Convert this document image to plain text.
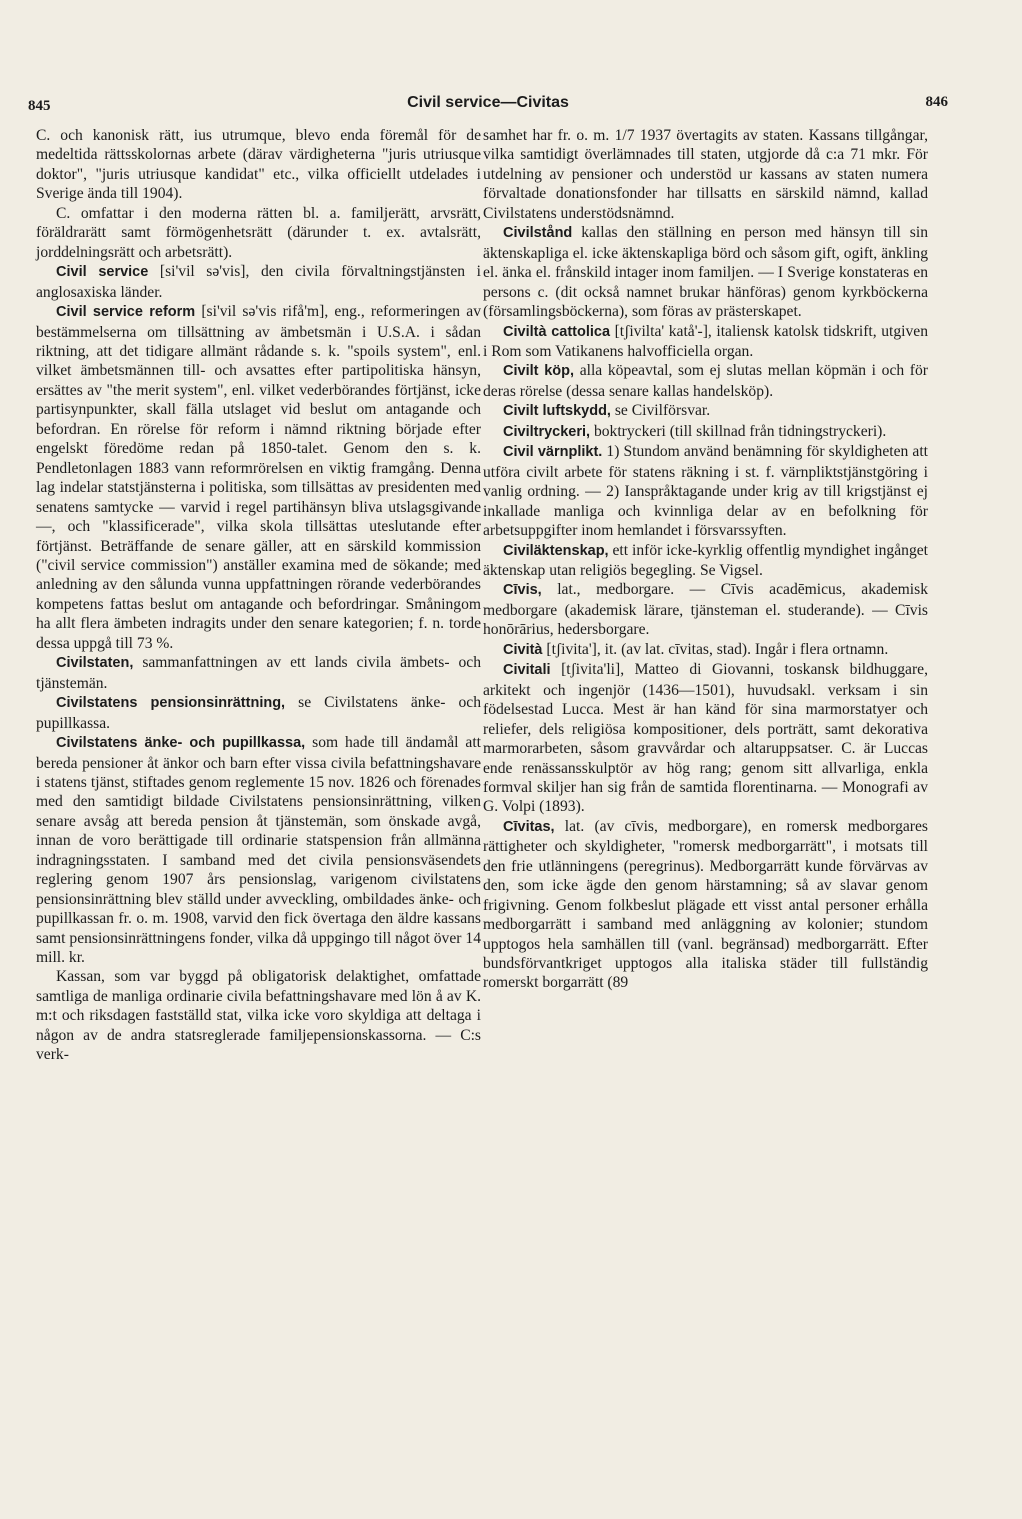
845	Civil service—Civitas	846

C. och kanonisk rätt, ius utrumque, blevo enda föremål för de medeltida rättsskolornas arbete (därav värdigheterna "juris utriusque doktor", "juris utriusque kandidat" etc., vilka officiellt utdelades i Sverige ända till 1904).

C. omfattar i den moderna rätten bl. a. familjerätt, arvsrätt, föräldrarätt samt förmögenhetsrätt (därunder t. ex. avtalsrätt, jorddelningsrätt och arbetsrätt).

Civil service [si'vil sə'vis], den civila förvaltningstjänsten i anglosaxiska länder.

Civil service reform [si'vil sə'vis rifå'm], eng., reformeringen av bestämmelserna om tillsättning av ämbetsmän i U.S.A. i sådan riktning, att det tidigare allmänt rådande s. k. "spoils system", enl. vilket ämbetsmännen till- och avsattes efter partipolitiska hänsyn, ersättes av "the merit system", enl. vilket vederbörandes förtjänst, icke partisynpunkter, skall fälla utslaget vid beslut om antagande och befordran. En rörelse för reform i nämnd riktning började efter engelskt föredöme redan på 1850-talet. Genom den s. k. Pendletonlagen 1883 vann reformrörelsen en viktig framgång. Denna lag indelar statstjänsterna i politiska, som tillsättas av presidenten med senatens samtycke — varvid i regel partihänsyn bliva utslagsgivande —, och "klassificerade", vilka skola tillsättas uteslutande efter förtjänst. Beträffande de senare gäller, att en särskild kommission ("civil service commission") anställer examina med de sökande; med anledning av den sålunda vunna uppfattningen rörande vederbörandes kompetens fattas beslut om antagande och befordringar. Småningom ha allt flera ämbeten indragits under den senare kategorien; f. n. torde dessa uppgå till 73 %.

Civilstaten, sammanfattningen av ett lands civila ämbets- och tjänstemän.

Civilstatens pensionsinrättning, se Civilstatens änke- och pupillkassa.

Civilstatens änke- och pupillkassa, som hade till ändamål att bereda pensioner åt änkor och barn efter vissa civila befattningshavare i statens tjänst, stiftades genom reglemente 15 nov. 1826 och förenades med den samtidigt bildade Civilstatens pensionsinrättning, vilken senare avsåg att bereda pension åt tjänstemän, som önskade avgå, innan de voro berättigade till ordinarie statspension från allmänna indragningsstaten. I samband med det civila pensionsväsendets reglering genom 1907 års pensionslag, varigenom civilstatens pensionsinrättning blev ställd under avveckling, ombildades änke- och pupillkassan fr. o. m. 1908, varvid den fick övertaga den äldre kassans samt pensionsinrättningens fonder, vilka då uppgingo till något över 14 mill. kr.

Kassan, som var byggd på obligatorisk delaktighet, omfattade samtliga de manliga ordinarie civila befattningshavare med lön å av K. m:t och riksdagen fastställd stat, vilka icke voro skyldiga att deltaga i någon av de andra statsreglerade familjepensionskassorna. — C:s verk-

samhet har fr. o. m. 1/7 1937 övertagits av staten. Kassans tillgångar, vilka samtidigt överlämnades till staten, utgjorde då c:a 71 mkr. För utdelning av pensioner och understöd ur kassans av staten numera förvaltade donationsfonder har tillsatts en särskild nämnd, kallad Civilstatens understödsnämnd.

Civilstånd kallas den ställning en person med hänsyn till sin äktenskapliga el. icke äktenskapliga börd och såsom gift, ogift, änkling el. änka el. frånskild intager inom familjen. — I Sverige konstateras en persons c. (dit också namnet brukar hänföras) genom kyrkböckerna (församlingsböckerna), som föras av prästerskapet.

Civiltà cattolica [tʃivilta' katå'-], italiensk katolsk tidskrift, utgiven i Rom som Vatikanens halvofficiella organ.

Civilt köp, alla köpeavtal, som ej slutas mellan köpmän i och för deras rörelse (dessa senare kallas handelsköp).

Civilt luftskydd, se Civilförsvar.

Civiltryckeri, boktryckeri (till skillnad från tidningstryckeri).

Civil värnplikt. 1) Stundom använd benämning för skyldigheten att utföra civilt arbete för statens räkning i st. f. värnpliktstjänstgöring i vanlig ordning. — 2) Ianspråktagande under krig av till krigstjänst ej inkallade manliga och kvinnliga delar av en befolkning för arbetsuppgifter inom hemlandet i försvarssyften.

Civiläktenskap, ett inför icke-kyrklig offentlig myndighet ingånget äktenskap utan religiös begegling. Se Vigsel.

Cīvis, lat., medborgare. — Cīvis acadēmicus, akademisk medborgare (akademisk lärare, tjänsteman el. studerande). — Cīvis honōrārius, hedersborgare.

Cività [tʃivita'], it. (av lat. cīvitas, stad). Ingår i flera ortnamn.

Civitali [tʃivita'li], Matteo di Giovanni, toskansk bildhuggare, arkitekt och ingenjör (1436—1501), huvudsakl. verksam i sin födelsestad Lucca. Mest är han känd för sina marmorstatyer och reliefer, dels religiösa kompositioner, dels porträtt, samt dekorativa marmorarbeten, såsom gravvårdar och altaruppsatser. C. är Luccas ende renässansskulptör av hög rang; genom sitt allvarliga, enkla formval skiljer han sig från de samtida florentinarna. — Monografi av G. Volpi (1893).

Cīvitas, lat. (av cīvis, medborgare), en romersk medborgares rättigheter och skyldigheter, "romersk medborgarrätt", i motsats till den frie utlänningens (peregrinus). Medborgarrätt kunde förvärvas av den, som icke ägde den genom härstamning; så av slavar genom frigivning. Genom folkbeslut plägade ett visst antal personer erhålla medborgarrätt i samband med anläggning av kolonier; stundom upptogos hela samhällen till (vanl. begränsad) medborgarrätt. Efter bundsförvantkriget upptogos alla italiska städer till fullständig romerskt borgarrätt (89
